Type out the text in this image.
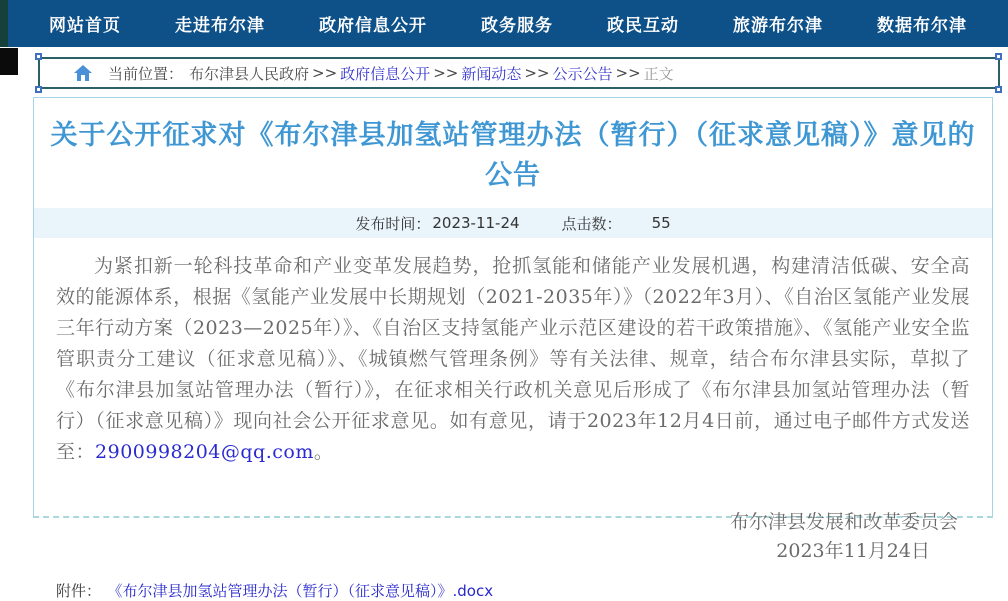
网站首页	走进布尔津	政府信息公开	政务服务	政民互动	旅游布尔津	数据布尔津
当前位置： 布尔津县人民政府 >> 政府信息公开 >> 新闻动态 >> 公示公告 >> 正文
关于公开征求对《布尔津县加氢站管理办法（暂行）（征求意见稿）》意见的公告
发布时间： 2023-11-24	点击数： 55

为紧扣新一轮科技革命和产业变革发展趋势，抢抓氢能和储能产业发展机遇，构建清洁低碳、安全高效的能源体系，根据《氢能产业发展中长期规划（2021-2035年）》（2022年3月）、《自治区氢能产业发展三年行动方案（2023—2025年）》、《自治区支持氢能产业示范区建设的若干政策措施》、《氢能产业安全监管职责分工建议（征求意见稿）》、《城镇燃气管理条例》等有关法律、规章，结合布尔津县实际，草拟了《布尔津县加氢站管理办法（暂行）》，在征求相关行政机关意见后形成了《布尔津县加氢站管理办法（暂行）（征求意见稿）》现向社会公开征求意见。如有意见，请于2023年12月4日前，通过电子邮件方式发送至：2900998204@qq.com。

布尔津县发展和改革委员会
2023年11月24日
附件： 《布尔津县加氢站管理办法（暂行）（征求意见稿）》.docx
